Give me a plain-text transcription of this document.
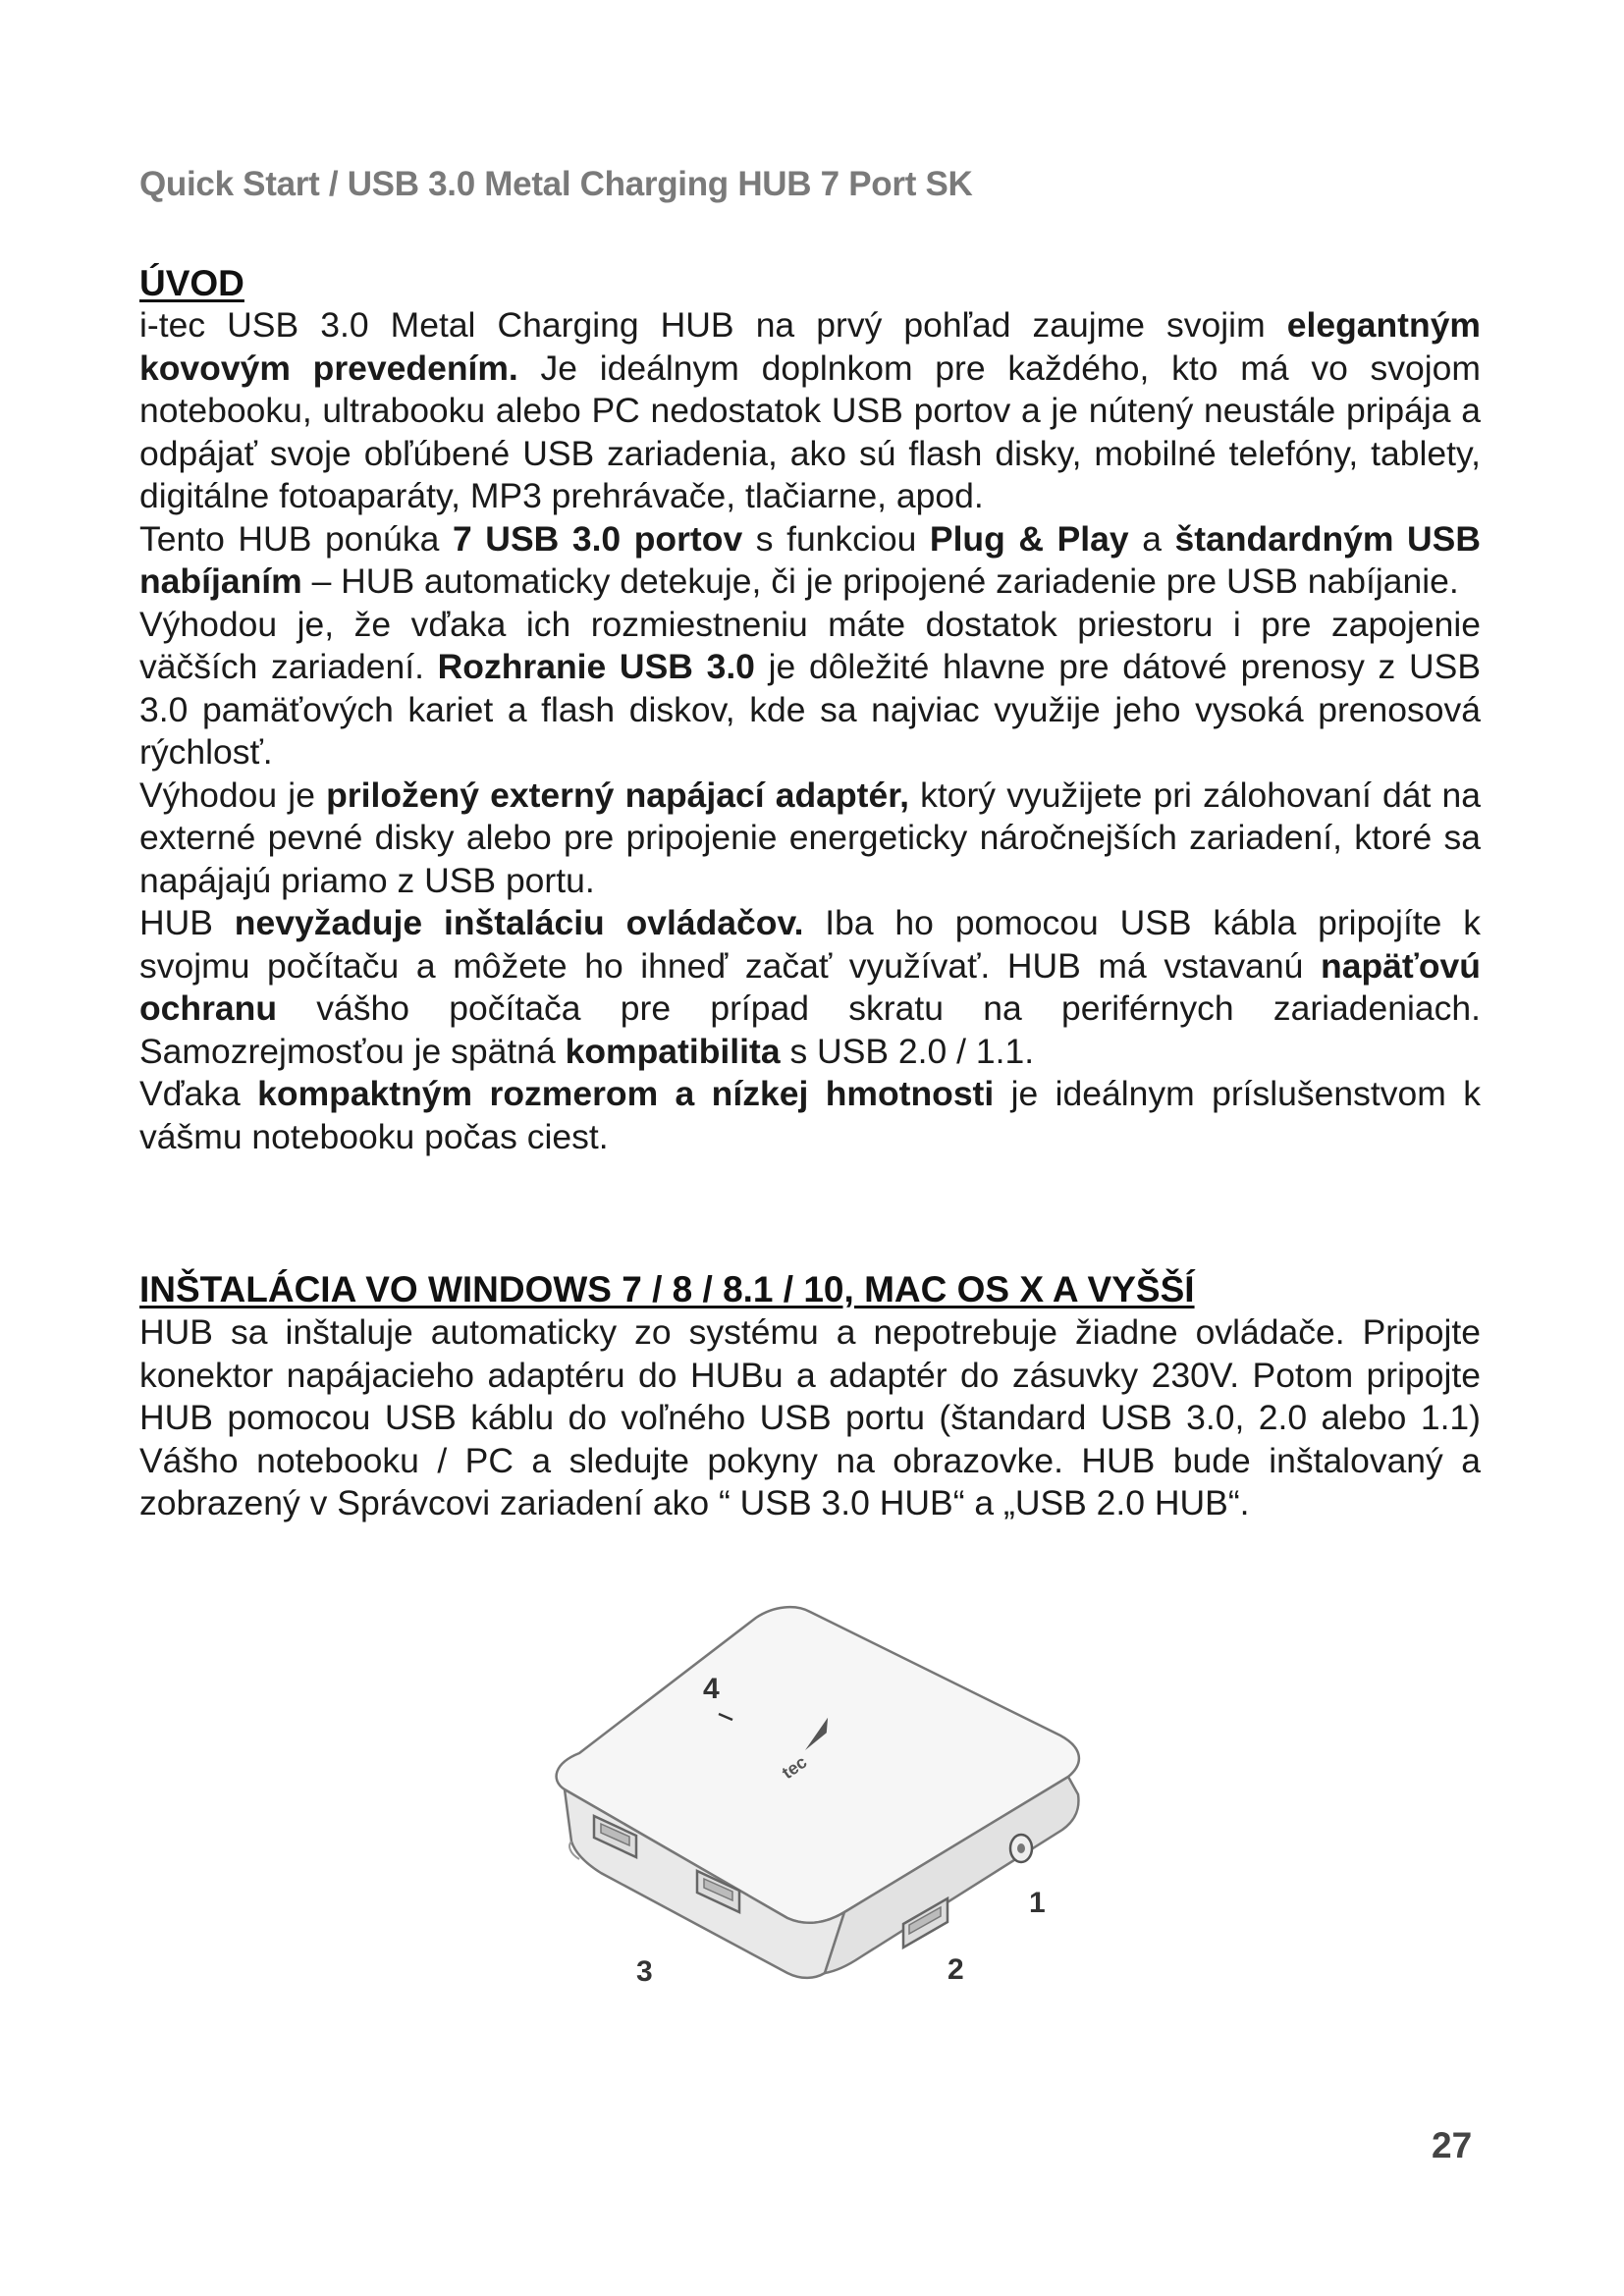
Quick Start / USB 3.0 Metal Charging HUB 7 Port SK
ÚVOD

i-tec USB 3.0 Metal Charging HUB na prvý pohľad zaujme svojim elegantným kovovým prevedením. Je ideálnym doplnkom pre každého, kto má vo svojom notebooku, ultrabooku alebo PC nedostatok USB portov a je nútený neustále pripája a odpájať svoje obľúbené USB zariadenia, ako sú flash disky, mobilné telefóny, tablety, digitálne fotoaparáty, MP3 prehrávače, tlačiarne, apod.

Tento HUB ponúka 7 USB 3.0 portov s funkciou Plug & Play a štandardným USB nabíjaním – HUB automaticky detekuje, či je pripojené zariadenie pre USB nabíjanie.

Výhodou je, že vďaka ich rozmiestneniu máte dostatok priestoru i pre zapojenie väčších zariadení. Rozhranie USB 3.0 je dôležité hlavne pre dátové prenosy z USB 3.0 pamäťových kariet a flash diskov, kde sa najviac využije jeho vysoká prenosová rýchlosť.

Výhodou je priložený externý napájací adaptér, ktorý využijete pri zálohovaní dát na externé pevné disky alebo pre pripojenie energeticky náročnejších zariadení, ktoré sa napájajú priamo z USB portu.

HUB nevyžaduje inštaláciu ovládačov. Iba ho pomocou USB kábla pripojíte k svojmu počítaču a môžete ho ihneď začať využívať. HUB má vstavanú napäťovú ochranu vášho počítača pre prípad skratu na periférnych zariadeniach. Samozrejmosťou je spätná kompatibilita s USB 2.0 / 1.1.

Vďaka kompaktným rozmerom a nízkej hmotnosti je ideálnym príslušenstvom k vášmu notebooku počas ciest.

INŠTALÁCIA VO WINDOWS 7 / 8 / 8.1 / 10, MAC OS X A VYŠŠÍ

HUB sa inštaluje automaticky zo systému a nepotrebuje žiadne ovládače. Pripojte konektor napájacieho adaptéru do HUBu a adaptér do zásuvky 230V. Potom pripojte HUB pomocou USB káblu do voľného USB portu (štandard USB 3.0, 2.0 alebo 1.1) Vášho notebooku / PC a sledujte pokyny na obrazovke. HUB bude inštalovaný a zobrazený v Správcovi zariadení ako “ USB 3.0 HUB“ a „USB 2.0 HUB“.

tec
4
1
2
3
27
